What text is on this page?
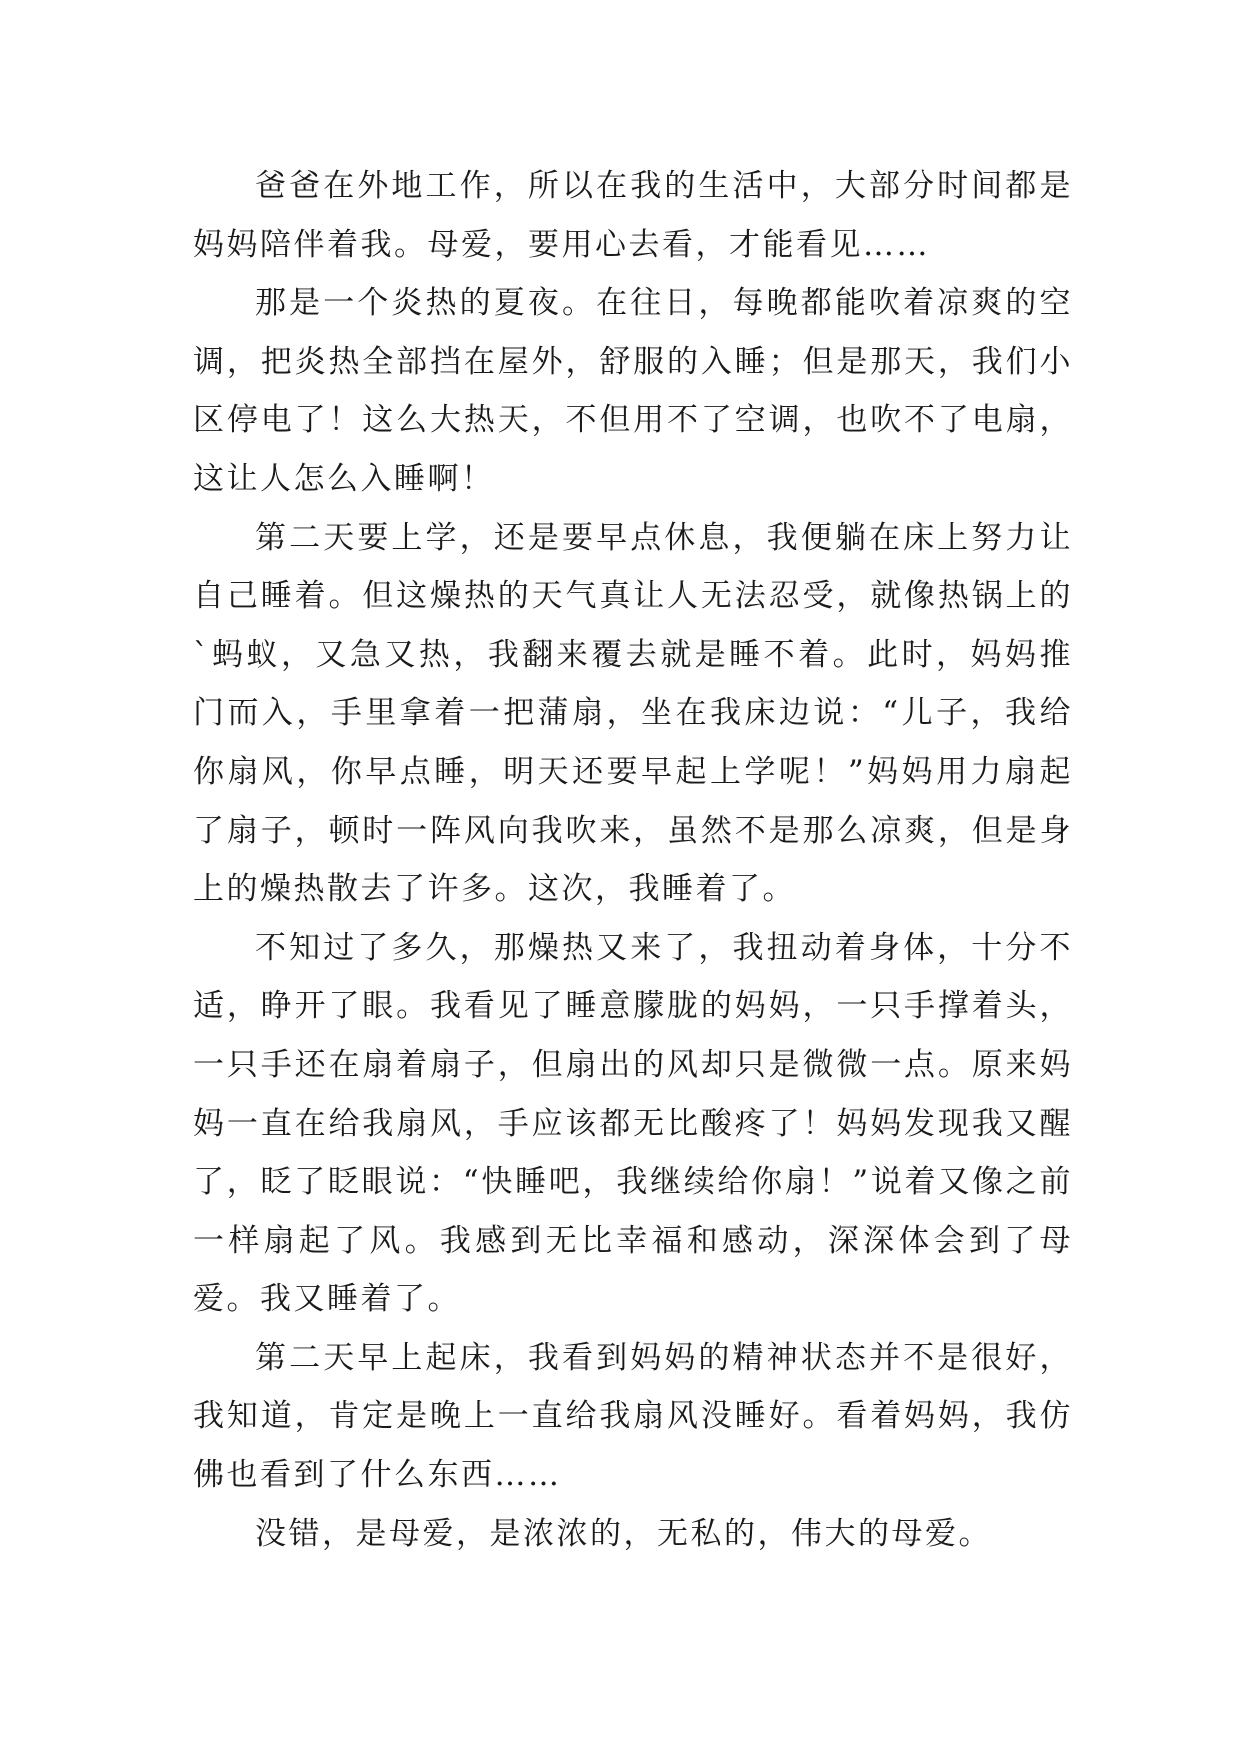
爸爸在外地工作，所以在我的生活中，大部分时间都是妈妈陪伴着我。母爱，要用心去看，才能看见……

那是一个炎热的夏夜。在往日，每晚都能吹着凉爽的空调，把炎热全部挡在屋外，舒服的入睡；但是那天，我们小区停电了！这么大热天，不但用不了空调，也吹不了电扇，这让人怎么入睡啊！

第二天要上学，还是要早点休息，我便躺在床上努力让自己睡着。但这燥热的天气真让人无法忍受，就像热锅上的`蚂蚁，又急又热，我翻来覆去就是睡不着。此时，妈妈推门而入，手里拿着一把蒲扇，坐在我床边说：“儿子，我给你扇风，你早点睡，明天还要早起上学呢！”妈妈用力扇起了扇子，顿时一阵风向我吹来，虽然不是那么凉爽，但是身上的燥热散去了许多。这次，我睡着了。

不知过了多久，那燥热又来了，我扭动着身体，十分不适，睁开了眼。我看见了睡意朦胧的妈妈，一只手撑着头，一只手还在扇着扇子，但扇出的风却只是微微一点。原来妈妈一直在给我扇风，手应该都无比酸疼了！妈妈发现我又醒了，眨了眨眼说：“快睡吧，我继续给你扇！”说着又像之前一样扇起了风。我感到无比幸福和感动，深深体会到了母爱。我又睡着了。

第二天早上起床，我看到妈妈的精神状态并不是很好，我知道，肯定是晚上一直给我扇风没睡好。看着妈妈，我仿佛也看到了什么东西……

没错，是母爱，是浓浓的，无私的，伟大的母爱。
